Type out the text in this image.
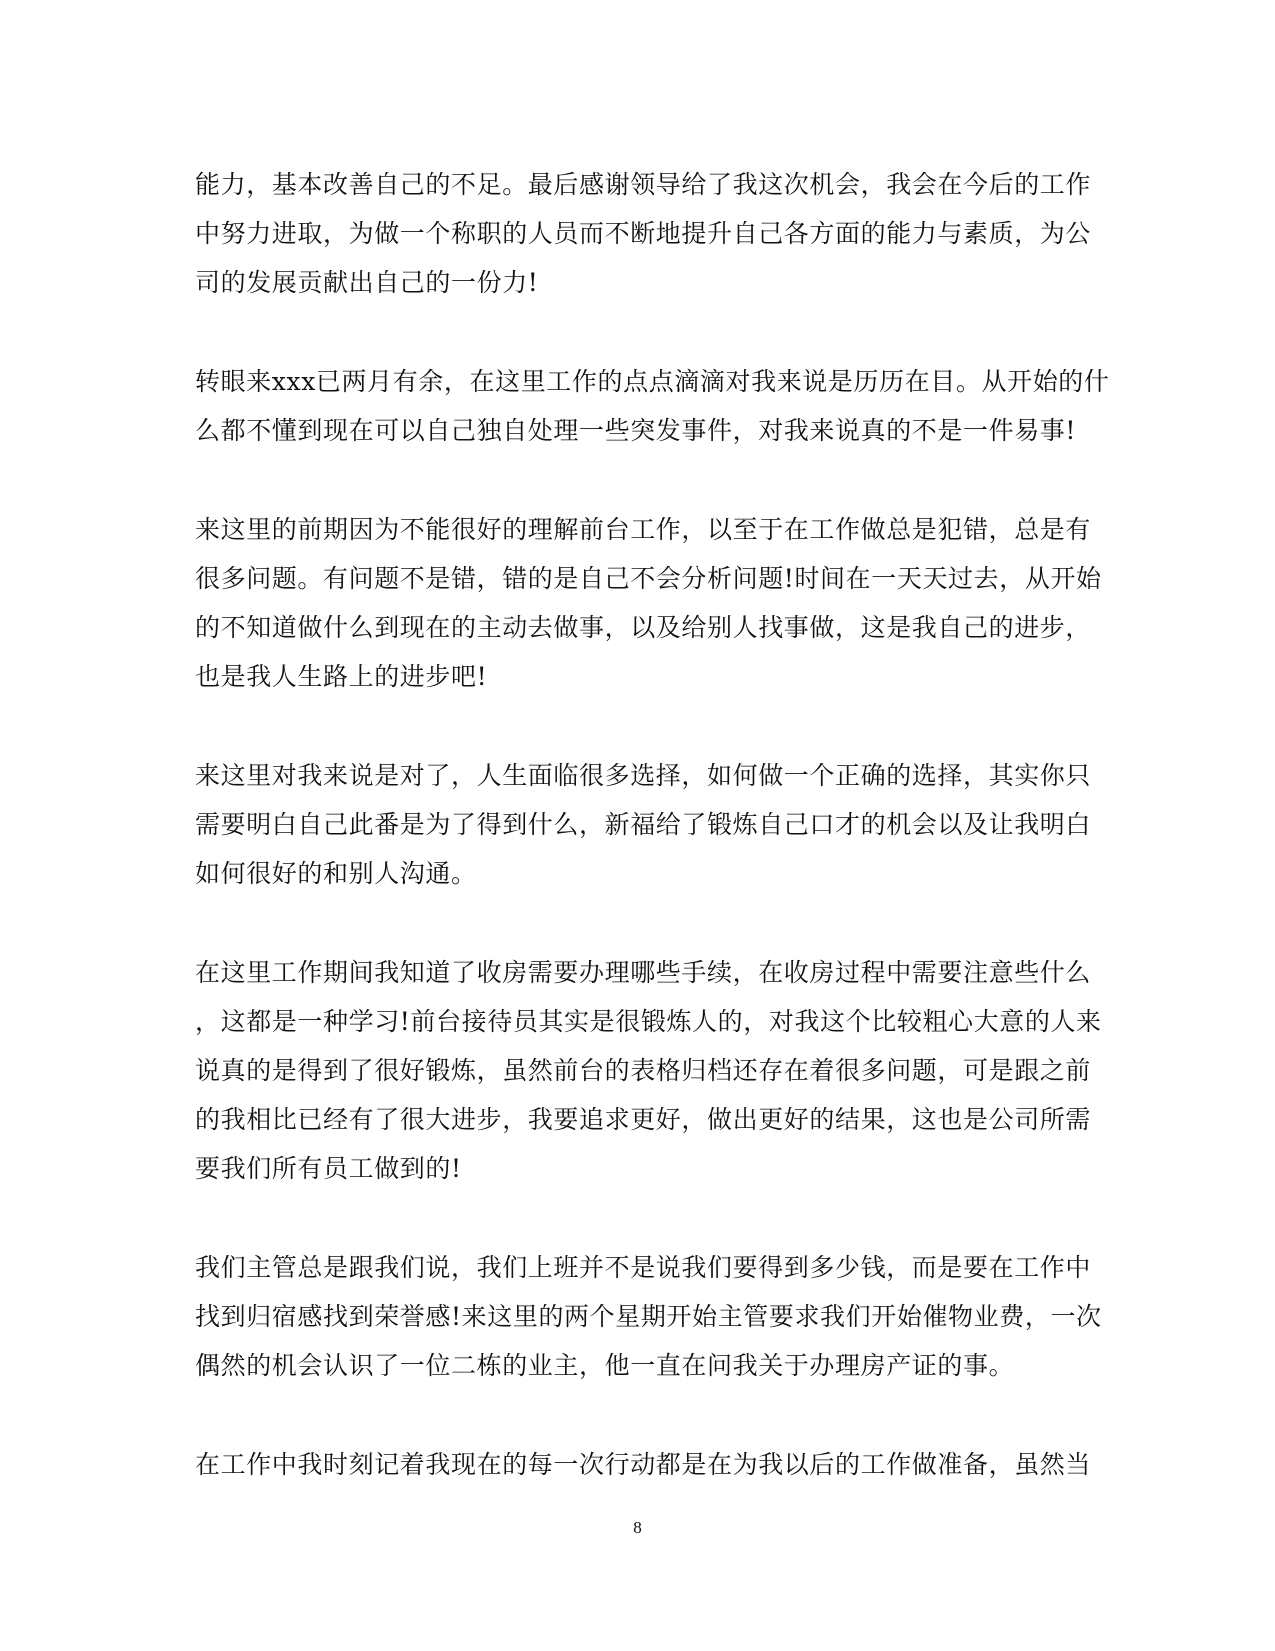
能力，基本改善自己的不足。最后感谢领导给了我这次机会，我会在今后的工作
中努力进取，为做一个称职的人员而不断地提升自己各方面的能力与素质，为公
司的发展贡献出自己的一份力!
转眼来xxx已两月有余，在这里工作的点点滴滴对我来说是历历在目。从开始的什
么都不懂到现在可以自己独自处理一些突发事件，对我来说真的不是一件易事!
来这里的前期因为不能很好的理解前台工作，以至于在工作做总是犯错，总是有
很多问题。有问题不是错，错的是自己不会分析问题!时间在一天天过去，从开始
的不知道做什么到现在的主动去做事，以及给别人找事做，这是我自己的进步，
也是我人生路上的进步吧!
来这里对我来说是对了，人生面临很多选择，如何做一个正确的选择，其实你只
需要明白自己此番是为了得到什么，新福给了锻炼自己口才的机会以及让我明白
如何很好的和别人沟通。
在这里工作期间我知道了收房需要办理哪些手续，在收房过程中需要注意些什么
，这都是一种学习!前台接待员其实是很锻炼人的，对我这个比较粗心大意的人来
说真的是得到了很好锻炼，虽然前台的表格归档还存在着很多问题，可是跟之前
的我相比已经有了很大进步，我要追求更好，做出更好的结果，这也是公司所需
要我们所有员工做到的!
我们主管总是跟我们说，我们上班并不是说我们要得到多少钱，而是要在工作中
找到归宿感找到荣誉感!来这里的两个星期开始主管要求我们开始催物业费，一次
偶然的机会认识了一位二栋的业主，他一直在问我关于办理房产证的事。
在工作中我时刻记着我现在的每一次行动都是在为我以后的工作做准备，虽然当
8
